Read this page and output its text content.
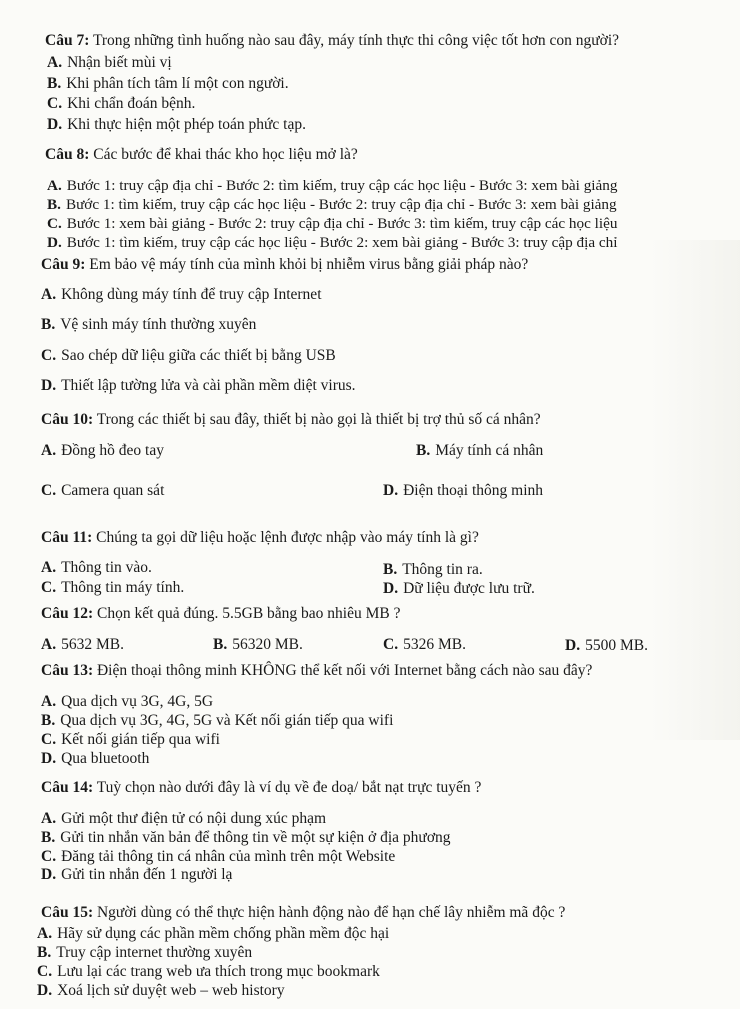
Câu 7: Trong những tình huống nào sau đây, máy tính thực thi công việc tốt hơn con người?
A. Nhận biết mùi vị
B. Khi phân tích tâm lí một con người.
C. Khi chẩn đoán bệnh.
D. Khi thực hiện một phép toán phức tạp.
Câu 8: Các bước để khai thác kho học liệu mở là?
A. Bước 1: truy cập địa chỉ - Bước 2: tìm kiếm, truy cập các học liệu - Bước 3: xem bài giảng
B. Bước 1: tìm kiếm, truy cập các học liệu - Bước 2: truy cập địa chỉ - Bước 3: xem bài giảng
C. Bước 1: xem bài giảng - Bước 2: truy cập địa chỉ - Bước 3: tìm kiếm, truy cập các học liệu
D. Bước 1: tìm kiếm, truy cập các học liệu - Bước 2: xem bài giảng - Bước 3: truy cập địa chỉ
Câu 9: Em bảo vệ máy tính của mình khỏi bị nhiễm virus bằng giải pháp nào?
A. Không dùng máy tính để truy cập Internet
B. Vệ sinh máy tính thường xuyên
C. Sao chép dữ liệu giữa các thiết bị bằng USB
D. Thiết lập tường lửa và cài phần mềm diệt virus.
Câu 10: Trong các thiết bị sau đây, thiết bị nào gọi là thiết bị trợ thủ số cá nhân?
A. Đồng hồ đeo tay	B. Máy tính cá nhân
C. Camera quan sát	D. Điện thoại thông minh
Câu 11: Chúng ta gọi dữ liệu hoặc lệnh được nhập vào máy tính là gì?
A. Thông tin vào.	B. Thông tin ra.
C. Thông tin máy tính.	D. Dữ liệu được lưu trữ.
Câu 12: Chọn kết quả đúng. 5.5GB bằng bao nhiêu MB ?
A. 5632 MB.	B. 56320 MB.	C. 5326 MB.	D. 5500 MB.
Câu 13: Điện thoại thông minh KHÔNG thể kết nối với Internet bằng cách nào sau đây?
A. Qua dịch vụ 3G, 4G, 5G
B. Qua dịch vụ 3G, 4G, 5G và Kết nối gián tiếp qua wifi
C. Kết nối gián tiếp qua wifi
D. Qua bluetooth
Câu 14: Tuỳ chọn nào dưới đây là ví dụ về đe doạ/ bắt nạt trực tuyến ?
A. Gửi một thư điện tử có nội dung xúc phạm
B. Gửi tin nhắn văn bản để thông tin về một sự kiện ở địa phương
C. Đăng tải thông tin cá nhân của mình trên một Website
D. Gửi tin nhắn đến 1 người lạ
Câu 15: Người dùng có thể thực hiện hành động nào để hạn chế lây nhiễm mã độc ?
A. Hãy sử dụng các phần mềm chống phần mềm độc hại
B. Truy cập internet thường xuyên
C. Lưu lại các trang web ưa thích trong mục bookmark
D. Xoá lịch sử duyệt web – web history
